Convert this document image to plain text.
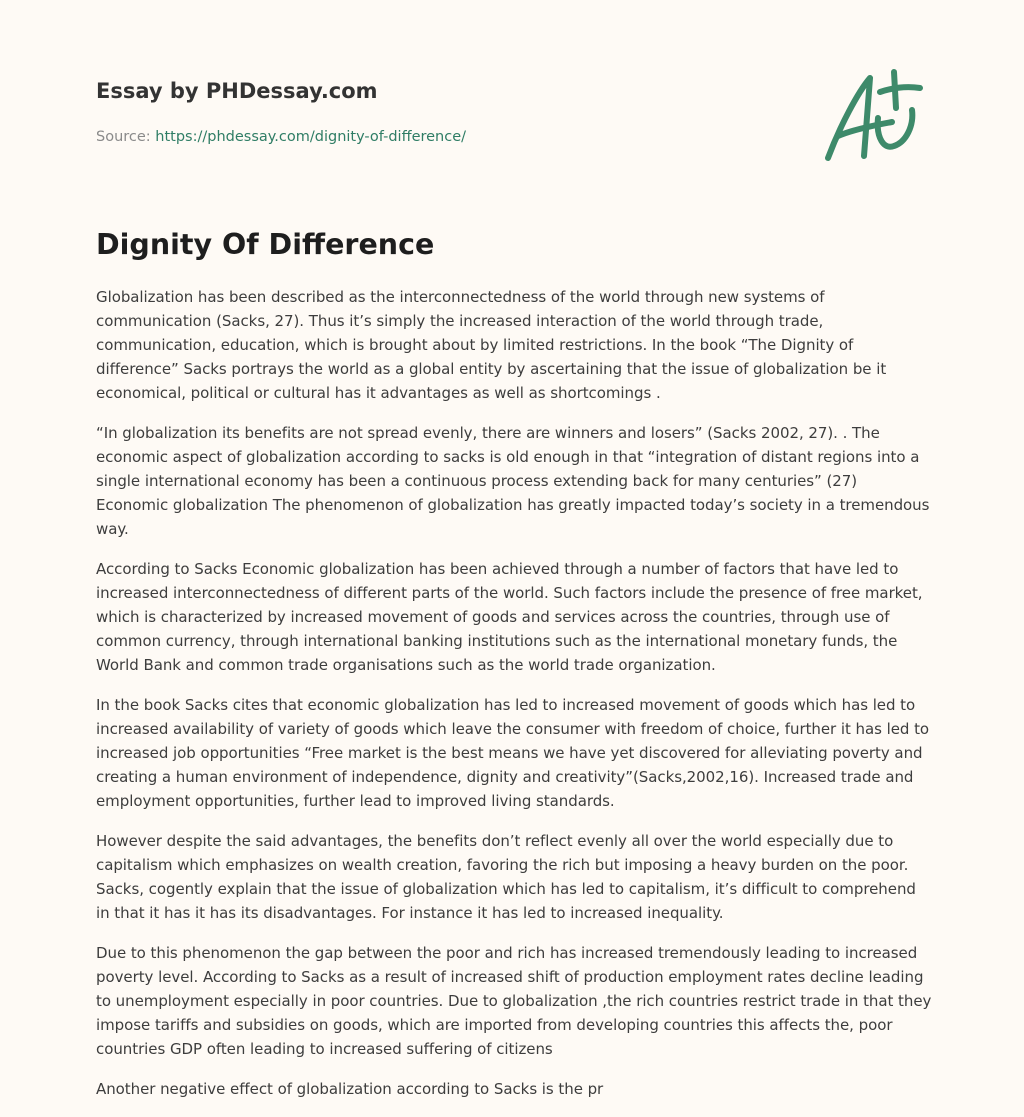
Essay by PHDessay.com
Source: https://phdessay.com/dignity-of-difference/
Dignity Of Difference

Globalization has been described as the interconnectedness of the world through new systems of communication (Sacks, 27). Thus it’s simply the increased interaction of the world through trade, communication, education, which is brought about by limited restrictions. In the book “The Dignity of difference” Sacks portrays the world as a global entity by ascertaining that the issue of globalization be it economical, political or cultural has it advantages as well as shortcomings .

“In globalization its benefits are not spread evenly, there are winners and losers” (Sacks 2002, 27). . The economic aspect of globalization according to sacks is old enough in that “integration of distant regions into a single international economy has been a continuous process extending back for many centuries” (27) Economic globalization The phenomenon of globalization has greatly impacted today’s society in a tremendous way.

According to Sacks Economic globalization has been achieved through a number of factors that have led to increased interconnectedness of different parts of the world. Such factors include the presence of free market, which is characterized by increased movement of goods and services across the countries, through use of common currency, through international banking institutions such as the international monetary funds, the World Bank and common trade organisations such as the world trade organization.

In the book Sacks cites that economic globalization has led to increased movement of goods which has led to increased availability of variety of goods which leave the consumer with freedom of choice, further it has led to increased job opportunities “Free market is the best means we have yet discovered for alleviating poverty and creating a human environment of independence, dignity and creativity”(Sacks,2002,16). Increased trade and employment opportunities, further lead to improved living standards.

However despite the said advantages, the benefits don’t reflect evenly all over the world especially due to capitalism which emphasizes on wealth creation, favoring the rich but imposing a heavy burden on the poor. Sacks, cogently explain that the issue of globalization which has led to capitalism, it’s difficult to comprehend in that it has it has its disadvantages. For instance it has led to increased inequality.

Due to this phenomenon the gap between the poor and rich has increased tremendously leading to increased poverty level. According to Sacks as a result of increased shift of production employment rates decline leading to unemployment especially in poor countries. Due to globalization ,the rich countries restrict trade in that they impose tariffs and subsidies on goods, which are imported from developing countries this affects the, poor countries GDP often leading to increased suffering of citizens

Another negative effect of globalization according to Sacks is the pr
